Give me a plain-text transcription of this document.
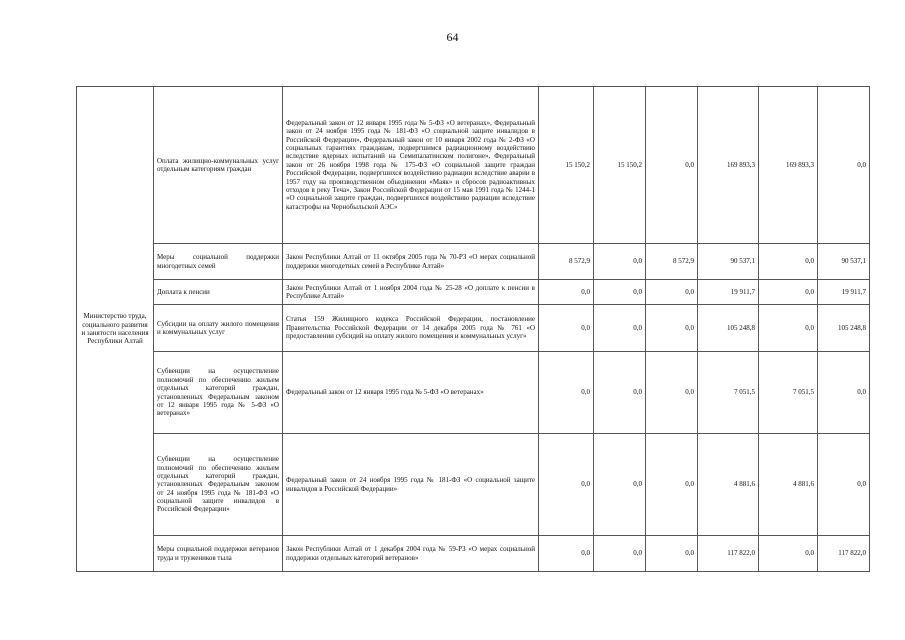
64
Министерство труда, социального развития и занятости населения Республики Алтай	Оплата жилищно-коммунальных услуг отдельным категориям граждан	Федеральный закон от 12 января 1995 года № 5-ФЗ «О ветеранах», Федеральный закон от 24 ноября 1995 года № 181-ФЗ «О социальной защите инвалидов в Российской Федерации», Федеральный закон от 10 января 2002 года № 2-ФЗ «О социальных гарантиях гражданам, подвергшимся радиационному воздействию вследствие ядерных испытаний на Семипалатинском полигоне», Федеральный закон от 26 ноября 1998 года № 175-ФЗ «О социальной защите граждан Российской Федерации, подвергшихся воздействию радиации вследствие аварии в 1957 году на производственном объединении «Маяк» и сбросов радиоактивных отходов в реку Теча», Закон Российской Федерации от 15 мая 1991 года № 1244-1 «О социальной защите граждан, подвергшихся воздействию радиации вследствие катастрофы на Чернобыльской АЭС»	15 150,2	15 150,2	0,0	169 893,3	169 893,3	0,0
	Меры социальной поддержки многодетных семей	Закон Республики Алтай от 11 октября 2005 года № 70-РЗ «О мерах социальной поддержки многодетных семей в Республике Алтай»	8 572,9	0,0	8 572,9	90 537,1	0,0	90 537,1
	Доплата к пенсии	Закон Республики Алтай от 1 ноября 2004 года № 25-28 «О доплате к пенсии в Республике Алтай»	0,0	0,0	0,0	19 911,7	0,0	19 911,7
	Субсидии на оплату жилого помещения и коммунальных услуг	Статья 159 Жилищного кодекса Российской Федерации, постановление Правительства Российской Федерации от 14 декабря 2005 года № 761 «О предоставлении субсидий на оплату жилого помещения и коммунальных услуг»	0,0	0,0	0,0	105 248,8	0,0	105 248,8
	Субвенции на осуществление полномочий по обеспечению жильем отдельных категорий граждан, установленных Федеральным законом от 12 января 1995 года № 5-ФЗ «О ветеранах»	Федеральный закон от 12 января 1995 года № 5-ФЗ «О ветеранах»	0,0	0,0	0,0	7 051,5	7 051,5	0,0
	Субвенции на осуществление полномочий по обеспечению жильем отдельных категорий граждан, установленных Федеральным законом от 24 ноября 1995 года № 181-ФЗ «О социальной защите инвалидов в Российской Федерации»	Федеральный закон от 24 ноября 1995 года № 181-ФЗ «О социальной защите инвалидов в Российской Федерации»	0,0	0,0	0,0	4 881,6	4 881,6	0,0
	Меры социальной поддержки ветеранов труда и тружеников тыла	Закон Республики Алтай от 1 декабря 2004 года № 59-РЗ «О мерах социальной поддержки отдельных категорий ветеранов»	0,0	0,0	0,0	117 822,0	0,0	117 822,0
